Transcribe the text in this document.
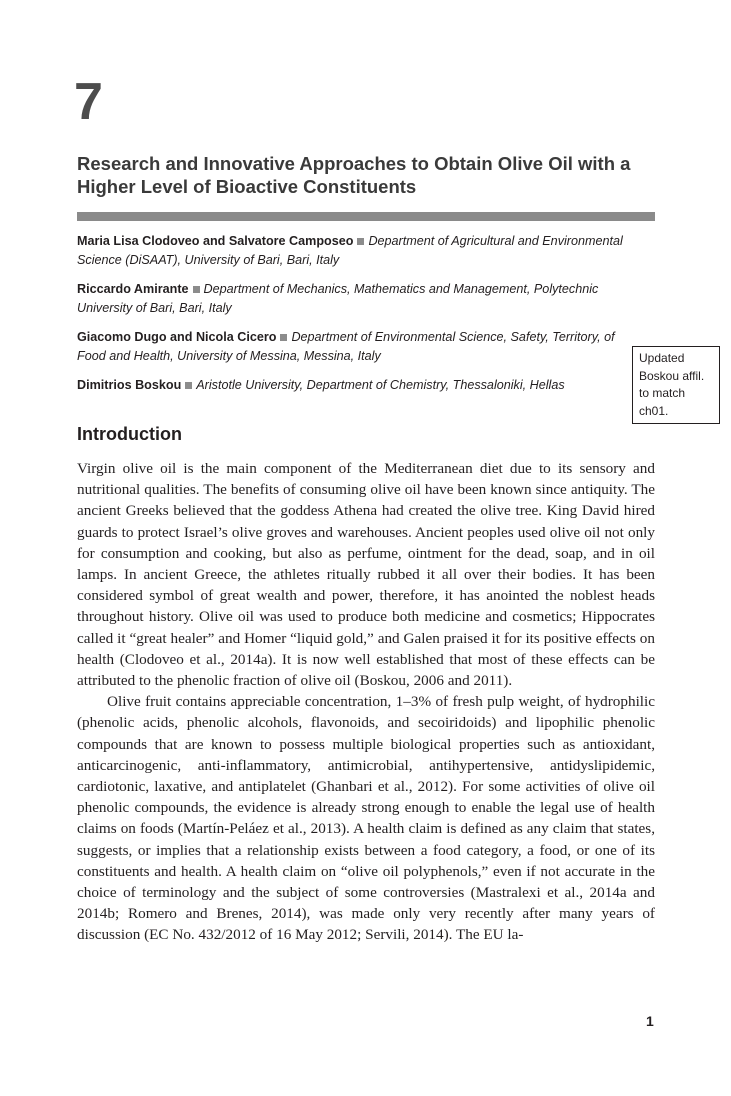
7
Research and Innovative Approaches to Obtain Olive Oil with a Higher Level of Bioactive Constituents
Maria Lisa Clodoveo and Salvatore Camposeo Department of Agricultural and Environmental Science (DiSAAT), University of Bari, Bari, Italy
Riccardo Amirante Department of Mechanics, Mathematics and Management, Polytechnic University of Bari, Bari, Italy
Giacomo Dugo and Nicola Cicero Department of Environmental Science, Safety, Territory, of Food and Health, University of Messina, Messina, Italy
Dimitrios Boskou Aristotle University, Department of Chemistry, Thessaloniki, Hellas
Updated Boskou affil. to match ch01.
Introduction

Virgin olive oil is the main component of the Mediterranean diet due to its sensory and nutritional qualities. The benefits of consuming olive oil have been known since antiquity. The ancient Greeks believed that the goddess Athena had created the olive tree. King David hired guards to protect Israel’s olive groves and warehouses. Ancient peoples used olive oil not only for consumption and cooking, but also as perfume, ointment for the dead, soap, and in oil lamps. In ancient Greece, the athletes ritually rubbed it all over their bodies. It has been considered symbol of great wealth and power, therefore, it has anointed the noblest heads throughout history. Olive oil was used to produce both medicine and cosmetics; Hippocrates called it “great healer” and Homer “liquid gold,” and Galen praised it for its positive effects on health (Clodoveo et al., 2014a). It is now well established that most of these effects can be attributed to the phenolic fraction of olive oil (Boskou, 2006 and 2011).

Olive fruit contains appreciable concentration, 1–3% of fresh pulp weight, of hydrophilic (phenolic acids, phenolic alcohols, flavonoids, and secoiridoids) and lipophilic phenolic compounds that are known to possess multiple biological properties such as antioxidant, anticarcinogenic, anti-inflammatory, antimicrobial, antihypertensive, antidyslipidemic, cardiotonic, laxative, and antiplatelet (Ghanbari et al., 2012). For some activities of olive oil phenolic compounds, the evidence is already strong enough to enable the legal use of health claims on foods (Martín-Peláez et al., 2013). A health claim is defined as any claim that states, suggests, or implies that a relationship exists between a food category, a food, or one of its constituents and health. A health claim on “olive oil polyphenols,” even if not accurate in the choice of terminology and the subject of some controversies (Mastralexi et al., 2014a and 2014b; Romero and Brenes, 2014), was made only very recently after many years of discussion (EC No. 432/2012 of 16 May 2012; Servili, 2014). The EU la-

1
